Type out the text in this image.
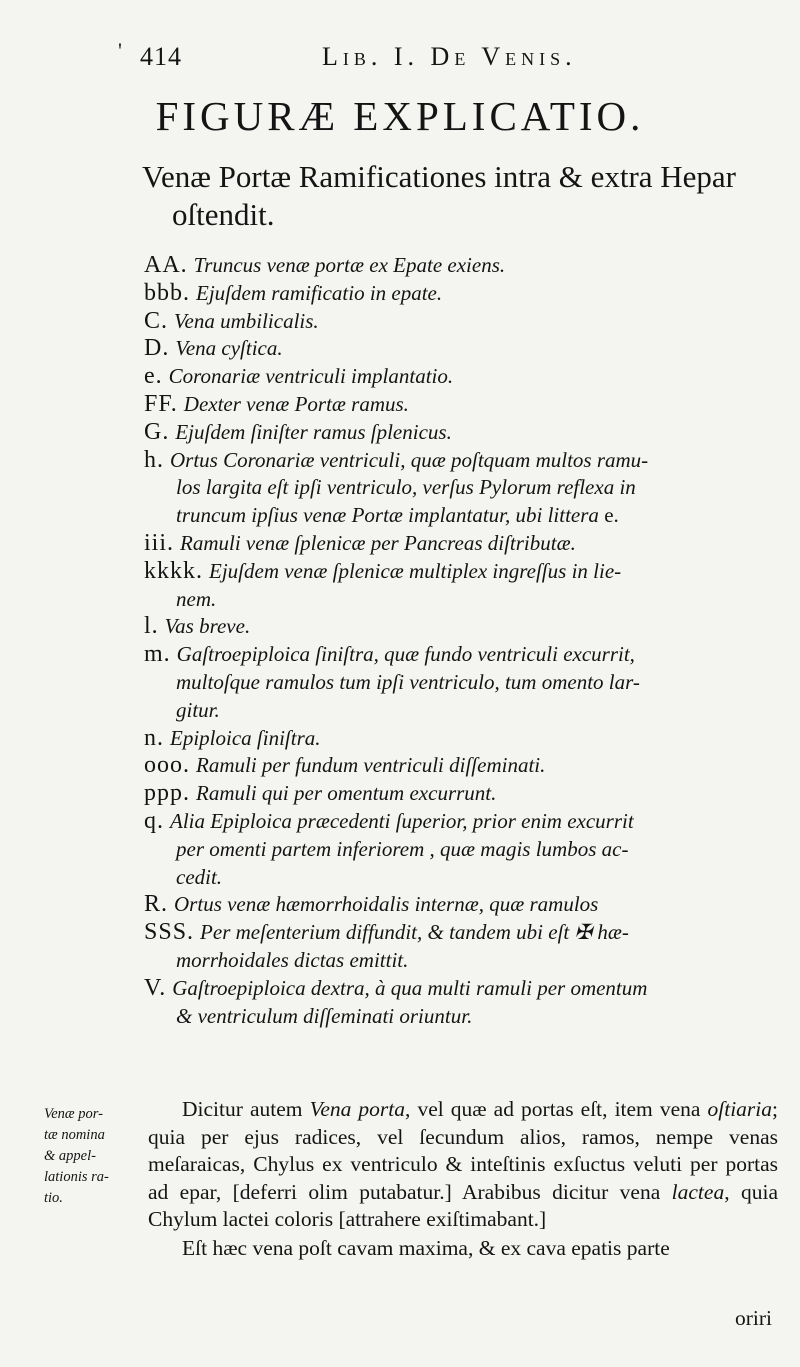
' 414	Lib. I. De Venis.
FIGURÆ EXPLICATIO.
Venæ Portæ Ramificationes intra & extra Hepar
oſtendit.
AA. Truncus venæ portæ ex Epate exiens.
bbb. Ejuſdem ramificatio in epate.
C. Vena umbilicalis.
D. Vena cyſtica.
e. Coronariæ ventriculi implantatio.
FF. Dexter venæ Portæ ramus.
G. Ejuſdem ſiniſter ramus ſplenicus.
h. Ortus Coronariæ ventriculi, quæ poſtquam multos ramu-
los largita eſt ipſi ventriculo, verſus Pylorum reflexa in
truncum ipſius venæ Portæ implantatur, ubi littera e.
iii. Ramuli venæ ſplenicæ per Pancreas diſtributæ.
kkkk. Ejuſdem venæ ſplenicæ multiplex ingreſſus in lie-
nem.
l. Vas breve.
m. Gaſtroepiploica ſiniſtra, quæ fundo ventriculi excurrit,
multoſque ramulos tum ipſi ventriculo, tum omento lar-
gitur.
n. Epiploica ſiniſtra.
ooo. Ramuli per fundum ventriculi diſſeminati.
ppp. Ramuli qui per omentum excurrunt.
q. Alia Epiploica præcedenti ſuperior, prior enim excurrit
per omenti partem inferiorem , quæ magis lumbos ac-
cedit.
R. Ortus venæ hæmorrhoidalis internæ, quæ ramulos
SSS. Per meſenterium diffundit, & tandem ubi eſt ✠ hæ-
morrhoidales dictas emittit.
V. Gaſtroepiploica dextra, à qua multi ramuli per omentum
& ventriculum diſſeminati oriuntur.
Venæ por-
tæ nomina
& appel-
lationis ra-
tio.

Dicitur autem Vena porta, vel quæ ad portas eſt, item vena oſtiaria; quia per ejus radices, vel ſecundum alios, ramos, nempe venas meſaraicas, Chylus ex ventriculo & inteſtinis exſuctus veluti per portas ad epar, [deferri olim putabatur.] Arabibus dicitur vena lactea, quia Chylum lactei coloris [attrahere exiſtimabant.]

Eſt hæc vena poſt cavam maxima, & ex cava epatis parte

oriri
